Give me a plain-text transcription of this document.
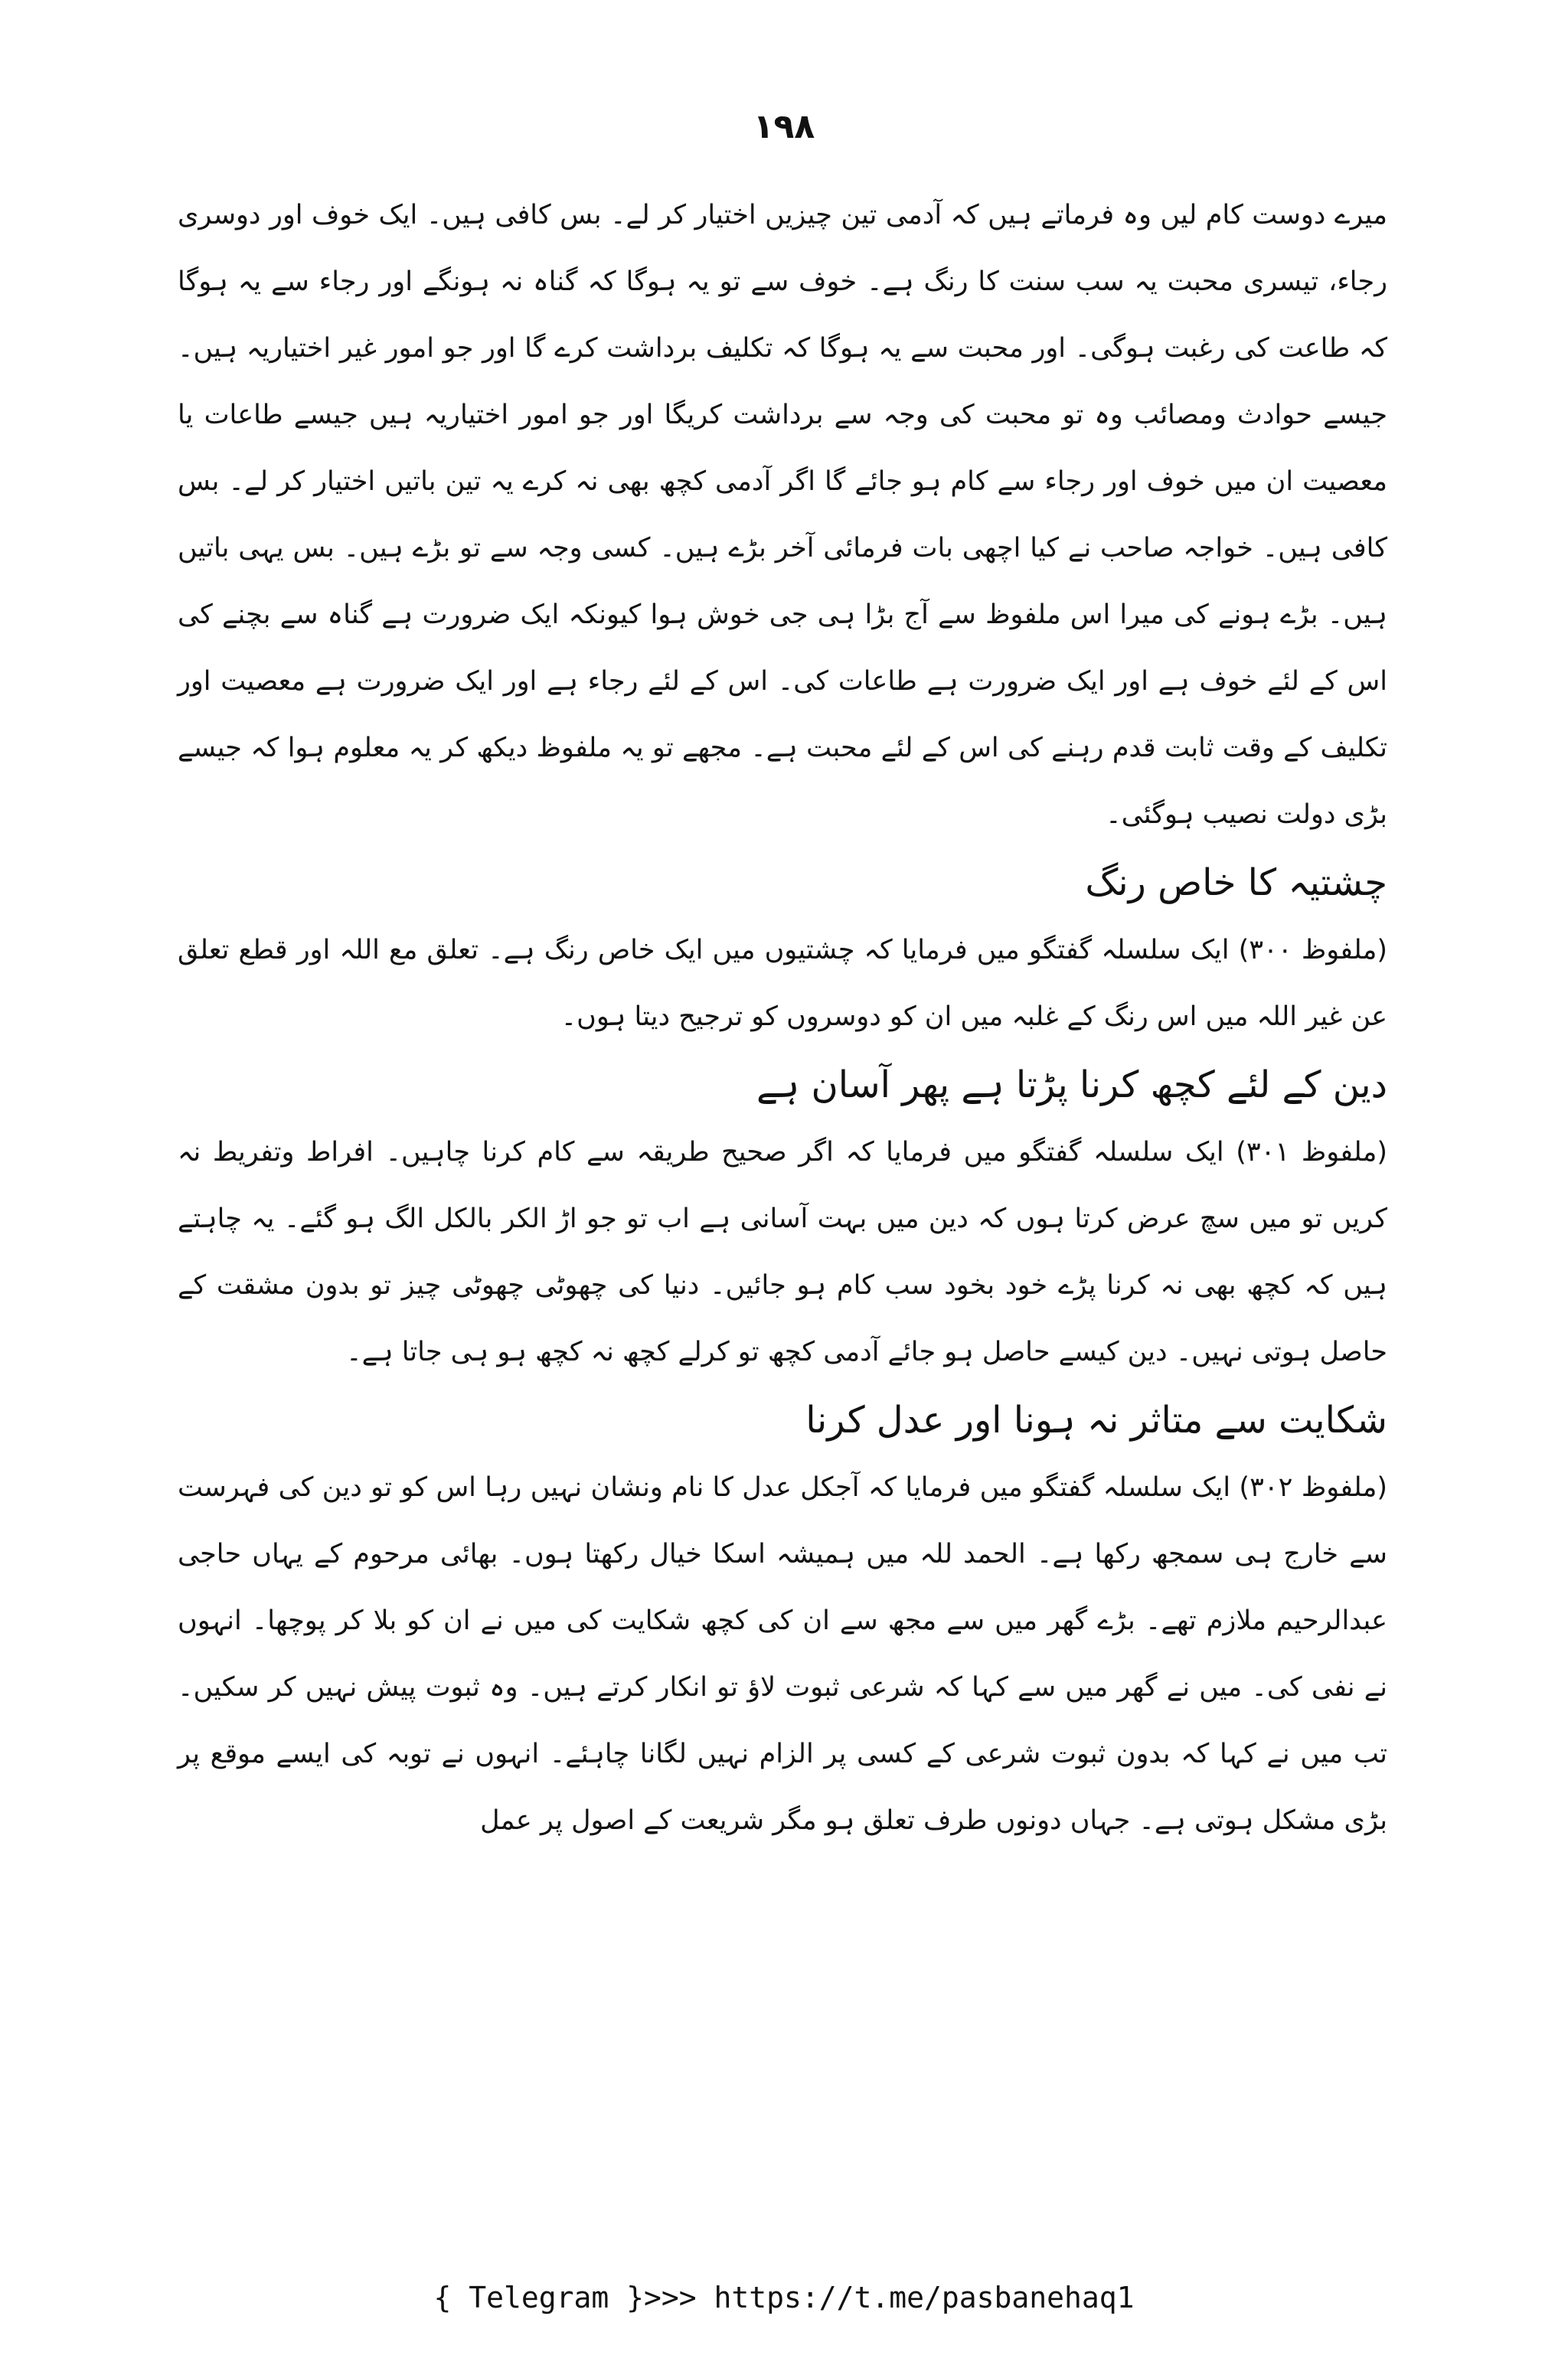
۱۹۸

میرے دوست کام لیں وہ فرماتے ہیں کہ آدمی تین چیزیں اختیار کر لے۔ بس کافی ہیں۔ ایک خوف اور دوسری رجاء، تیسری محبت یہ سب سنت کا رنگ ہے۔ خوف سے تو یہ ہوگا کہ گناہ نہ ہونگے اور رجاء سے یہ ہوگا کہ طاعت کی رغبت ہوگی۔ اور محبت سے یہ ہوگا کہ تکلیف برداشت کرے گا اور جو امور غیر اختیاریہ ہیں۔ جیسے حوادث ومصائب وہ تو محبت کی وجہ سے برداشت کریگا اور جو امور اختیاریہ ہیں جیسے طاعات یا معصیت ان میں خوف اور رجاء سے کام ہو جائے گا اگر آدمی کچھ بھی نہ کرے یہ تین باتیں اختیار کر لے۔ بس کافی ہیں۔ خواجہ صاحب نے کیا اچھی بات فرمائی آخر بڑے ہیں۔ کسی وجہ سے تو بڑے ہیں۔ بس یہی باتیں ہیں۔ بڑے ہونے کی میرا اس ملفوظ سے آج بڑا ہی جی خوش ہوا کیونکہ ایک ضرورت ہے گناہ سے بچنے کی اس کے لئے خوف ہے اور ایک ضرورت ہے طاعات کی۔ اس کے لئے رجاء ہے اور ایک ضرورت ہے معصیت اور تکلیف کے وقت ثابت قدم رہنے کی اس کے لئے محبت ہے۔ مجھے تو یہ ملفوظ دیکھ کر یہ معلوم ہوا کہ جیسے بڑی دولت نصیب ہوگئی۔

چشتیہ کا خاص رنگ

(ملفوظ ۳۰۰) ایک سلسلہ گفتگو میں فرمایا کہ چشتیوں میں ایک خاص رنگ ہے۔ تعلق مع اللہ اور قطع تعلق عن غیر اللہ میں اس رنگ کے غلبہ میں ان کو دوسروں کو ترجیح دیتا ہوں۔

دین کے لئے کچھ کرنا پڑتا ہے پھر آسان ہے

(ملفوظ ۳۰۱) ایک سلسلہ گفتگو میں فرمایا کہ اگر صحیح طریقہ سے کام کرنا چاہیں۔ افراط وتفریط نہ کریں تو میں سچ عرض کرتا ہوں کہ دین میں بہت آسانی ہے اب تو جو اڑ الکر بالکل الگ ہو گئے۔ یہ چاہتے ہیں کہ کچھ بھی نہ کرنا پڑے خود بخود سب کام ہو جائیں۔ دنیا کی چھوٹی چھوٹی چیز تو بدون مشقت کے حاصل ہوتی نہیں۔ دین کیسے حاصل ہو جائے آدمی کچھ تو کرلے کچھ نہ کچھ ہو ہی جاتا ہے۔

شکایت سے متاثر نہ ہونا اور عدل کرنا

(ملفوظ ۳۰۲) ایک سلسلہ گفتگو میں فرمایا کہ آجکل عدل کا نام ونشان نہیں رہا اس کو تو دین کی فہرست سے خارج ہی سمجھ رکھا ہے۔ الحمد للہ میں ہمیشہ اسکا خیال رکھتا ہوں۔ بھائی مرحوم کے یہاں حاجی عبدالرحیم ملازم تھے۔ بڑے گھر میں سے مجھ سے ان کی کچھ شکایت کی میں نے ان کو بلا کر پوچھا۔ انہوں نے نفی کی۔ میں نے گھر میں سے کہا کہ شرعی ثبوت لاؤ تو انکار کرتے ہیں۔ وہ ثبوت پیش نہیں کر سکیں۔ تب میں نے کہا کہ بدون ثبوت شرعی کے کسی پر الزام نہیں لگانا چاہئے۔ انہوں نے توبہ کی ایسے موقع پر بڑی مشکل ہوتی ہے۔ جہاں دونوں طرف تعلق ہو مگر شریعت کے اصول پر عمل

{ Telegram }>>> https://t.me/pasbanehaq1
